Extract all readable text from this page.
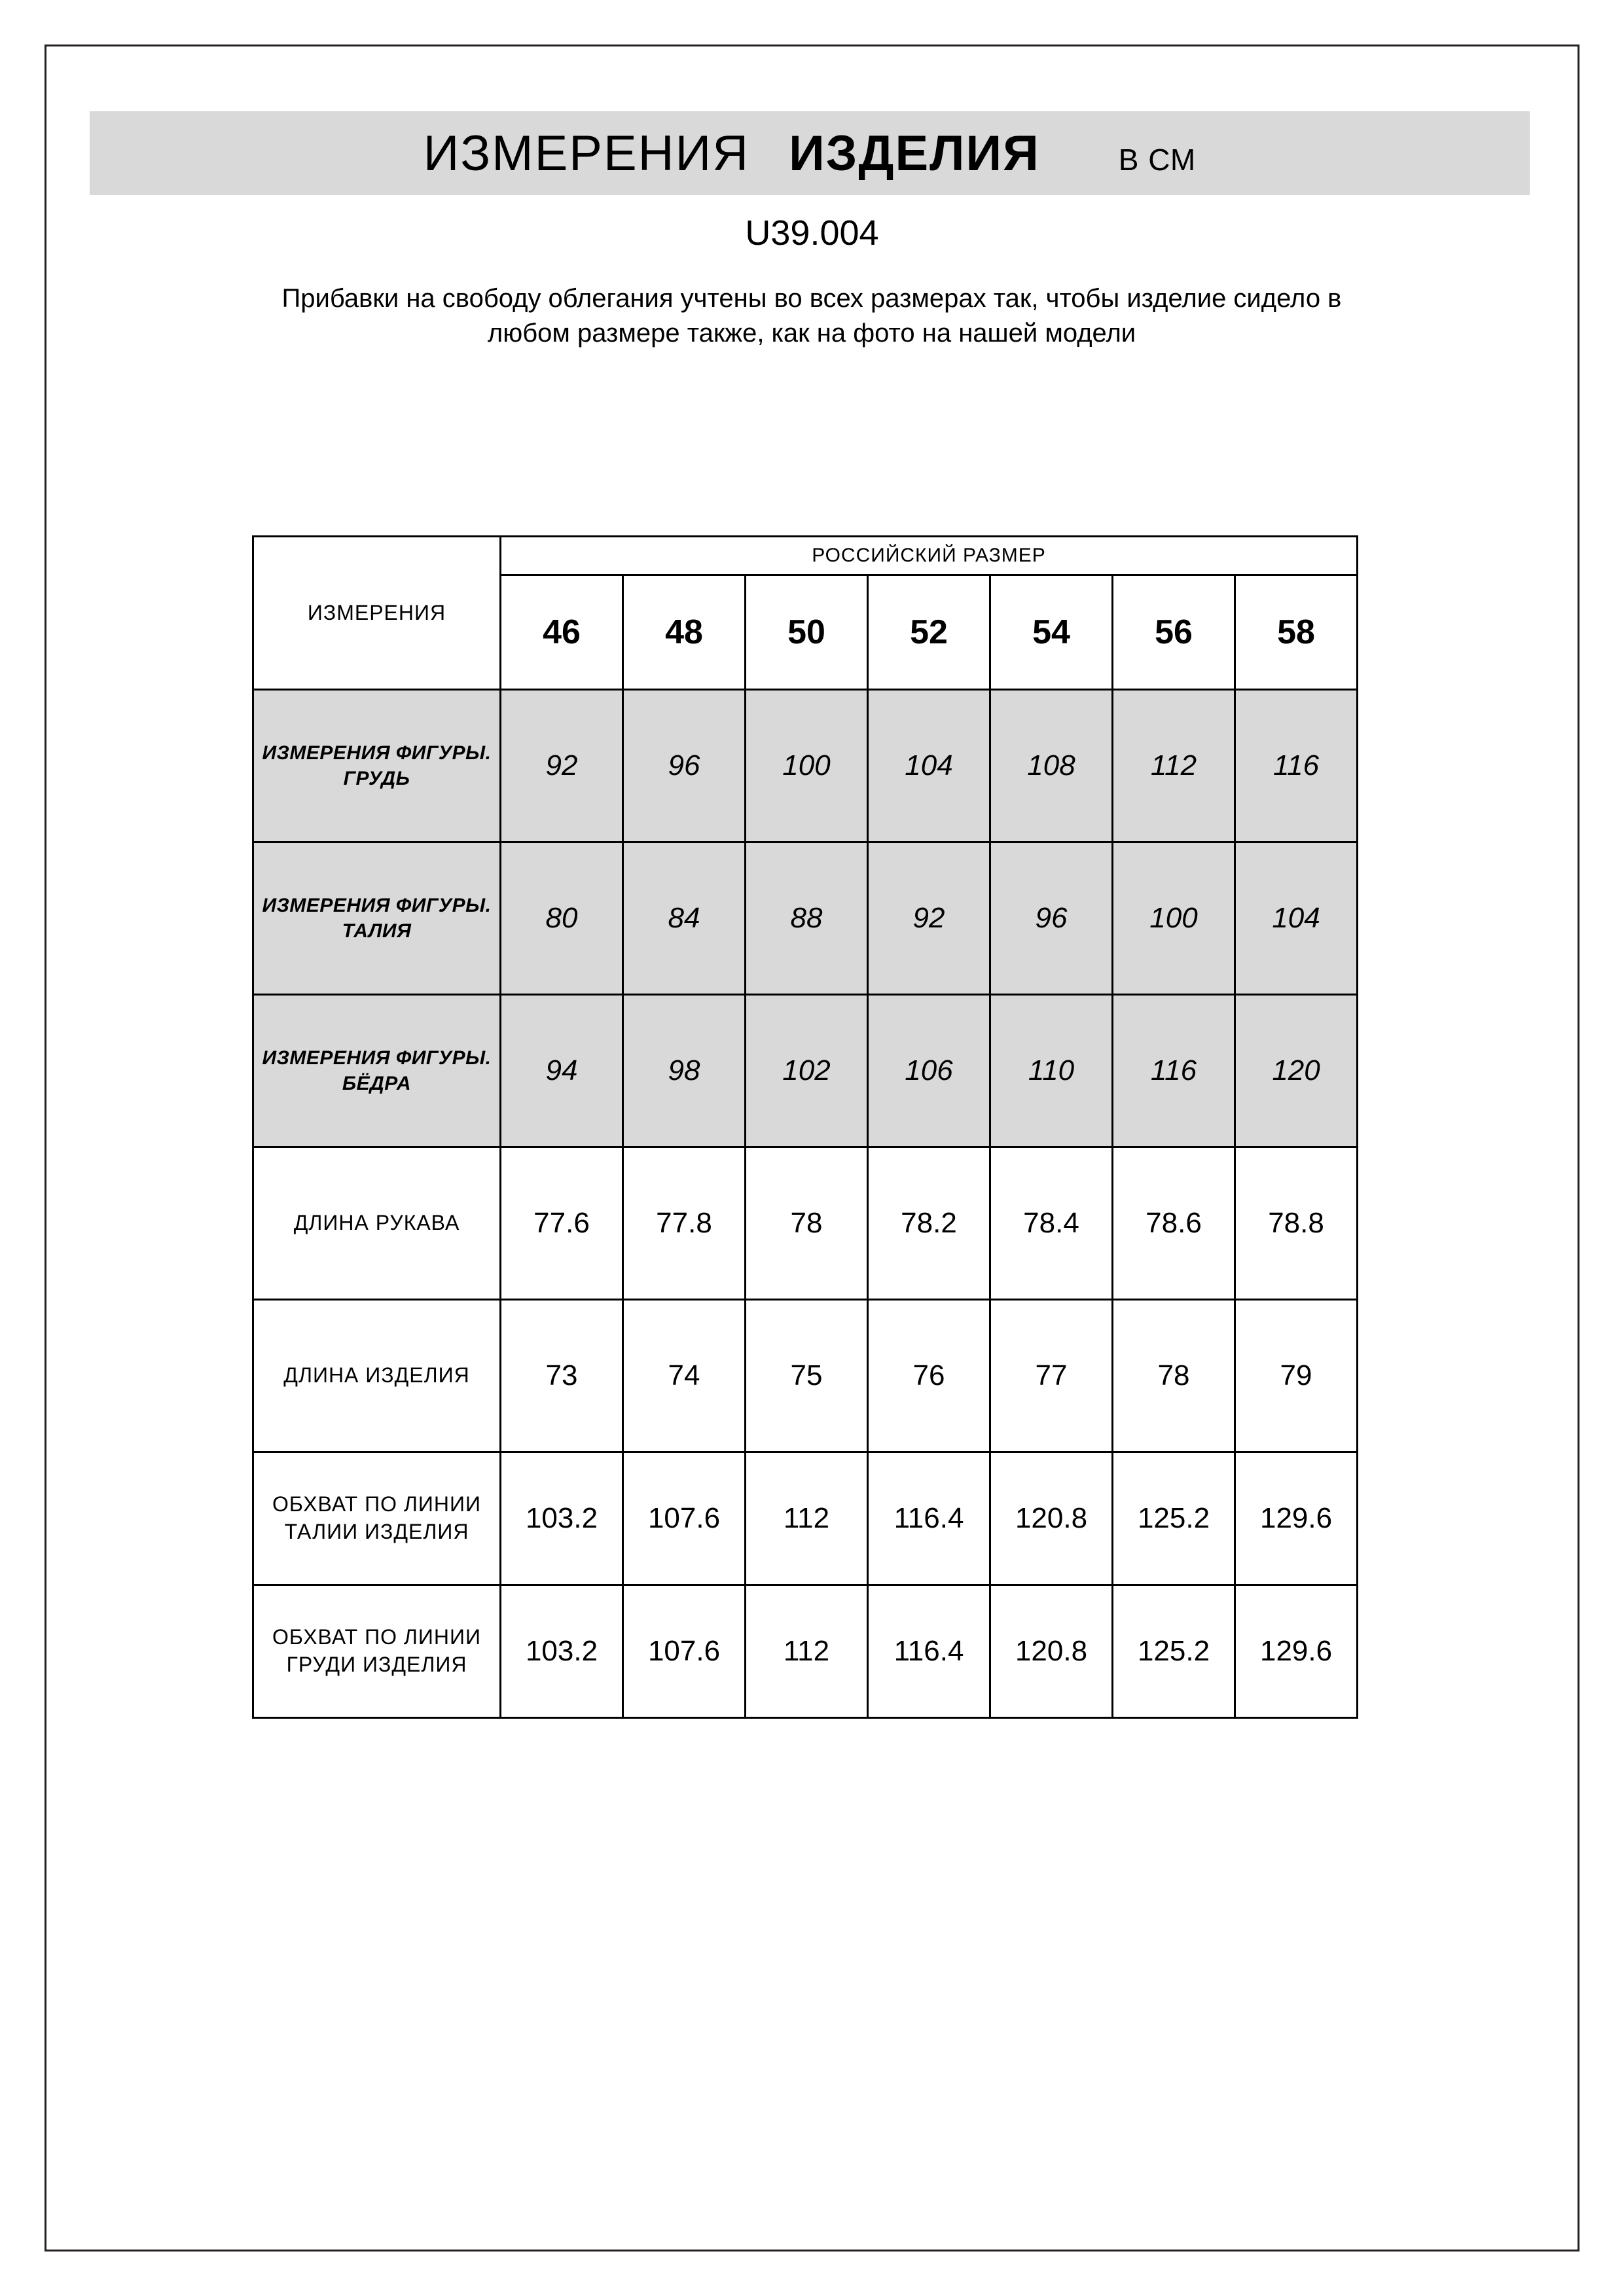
ИЗМЕРЕНИЯ ИЗДЕЛИЯ	В СМ
U39.004
Прибавки на свободу облегания учтены во всех размерах так, чтобы изделие сидело в любом размере также, как на фото на нашей модели
ИЗМЕРЕНИЯ	РОССИЙСКИЙ РАЗМЕР						
	46	48	50	52	54	56	58
ИЗМЕРЕНИЯ ФИГУРЫ. ГРУДЬ	92	96	100	104	108	112	116
ИЗМЕРЕНИЯ ФИГУРЫ. ТАЛИЯ	80	84	88	92	96	100	104
ИЗМЕРЕНИЯ ФИГУРЫ. БЁДРА	94	98	102	106	110	116	120
ДЛИНА РУКАВА	77.6	77.8	78	78.2	78.4	78.6	78.8
ДЛИНА ИЗДЕЛИЯ	73	74	75	76	77	78	79
ОБХВАТ ПО ЛИНИИ ТАЛИИ ИЗДЕЛИЯ	103.2	107.6	112	116.4	120.8	125.2	129.6
ОБХВАТ ПО ЛИНИИ ГРУДИ ИЗДЕЛИЯ	103.2	107.6	112	116.4	120.8	125.2	129.6
